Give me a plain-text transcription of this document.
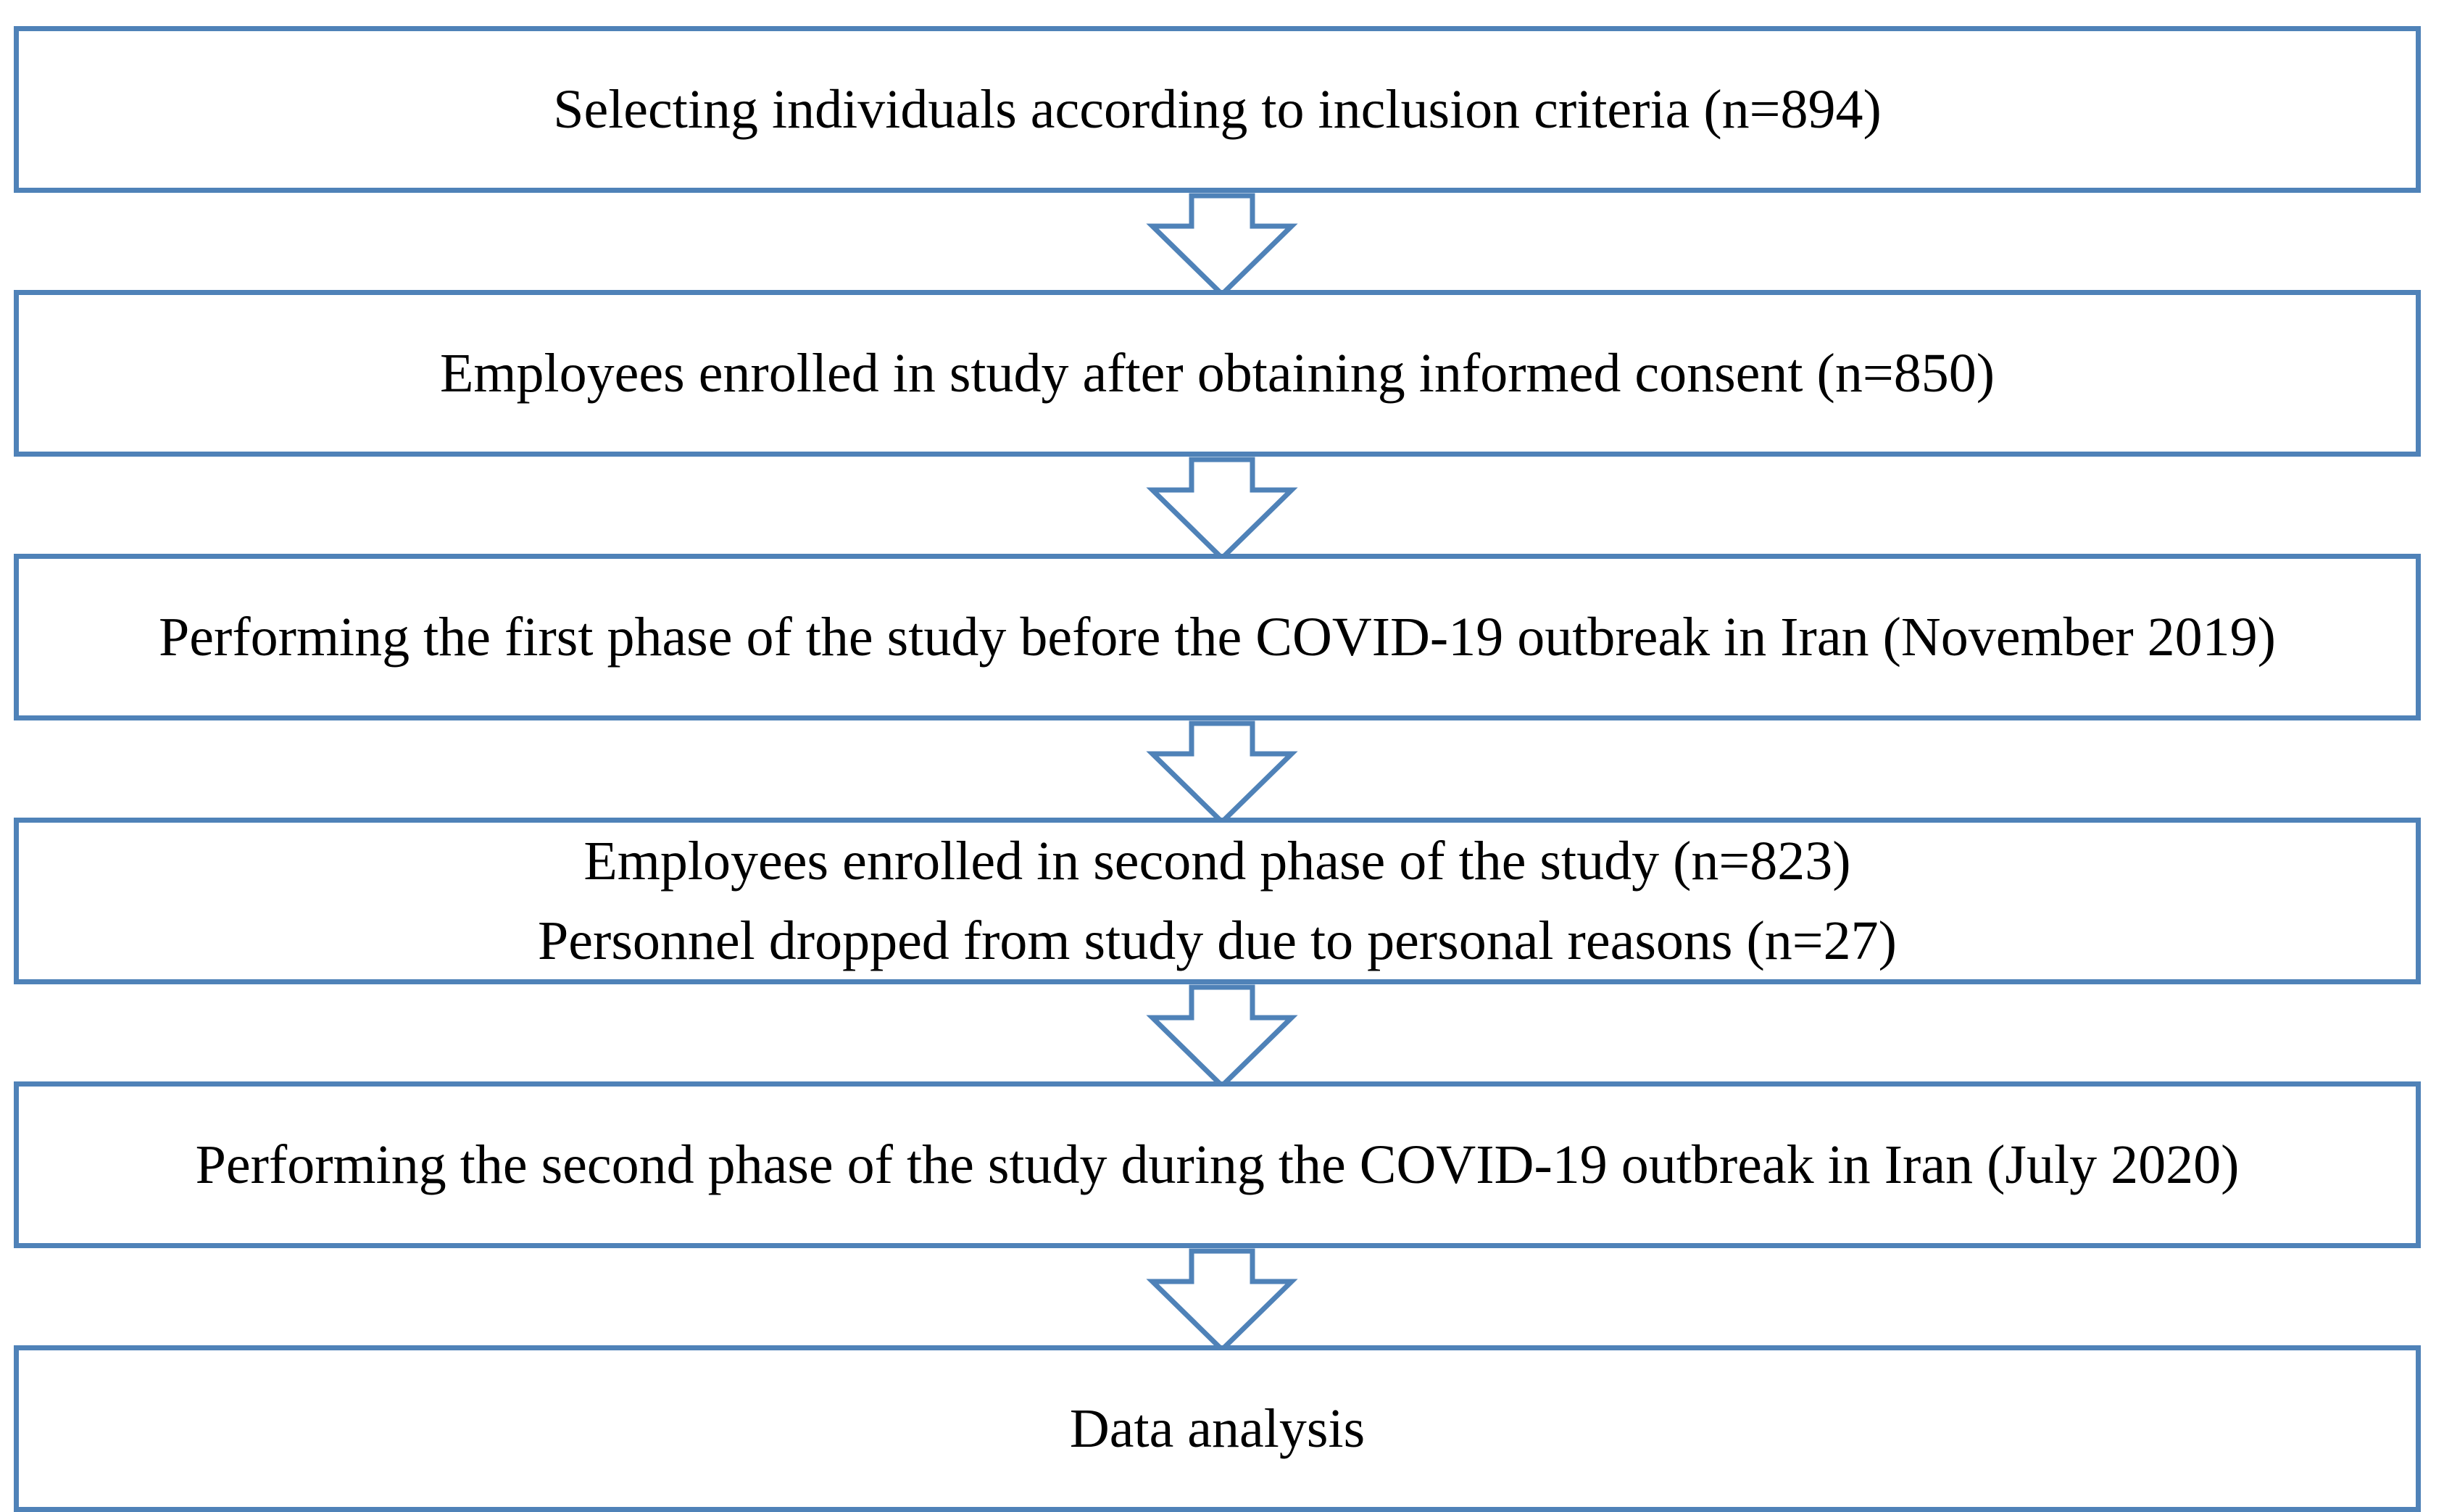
Selecting individuals according to inclusion criteria (n=894)
Employees enrolled in study after obtaining informed consent (n=850)
Performing the first phase of the study before the COVID-19 outbreak in Iran (November 2019)
Employees enrolled in second phase of the study (n=823)
Personnel dropped from study due to personal reasons (n=27)
Performing the second phase of the study during the COVID-19 outbreak in Iran (July 2020)
Data analysis
